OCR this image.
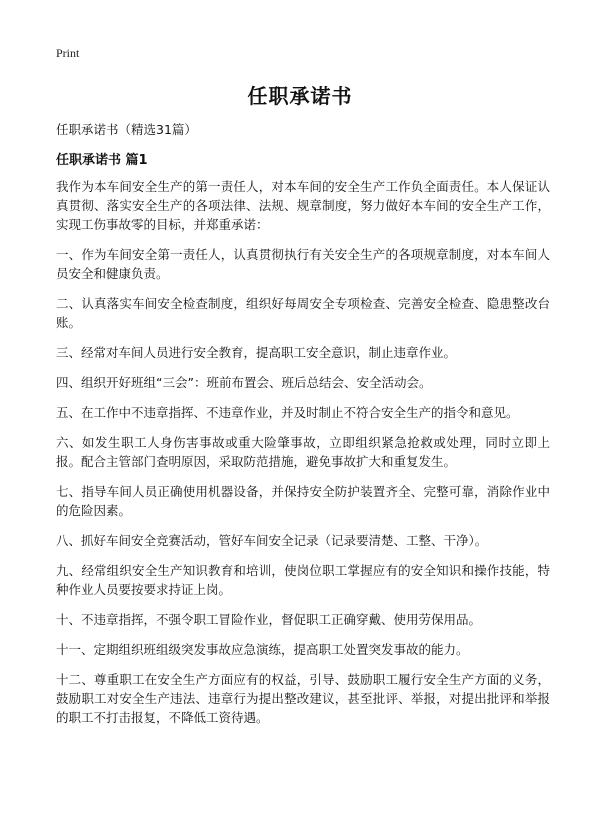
Print
任职承诺书
任职承诺书（精选31篇）
任职承诺书 篇1

我作为本车间安全生产的第一责任人，对本车间的安全生产工作负全面责任。本人保证认真贯彻、落实安全生产的各项法律、法规、规章制度，努力做好本车间的安全生产工作，实现工伤事故零的目标，并郑重承诺：

一、作为车间安全第一责任人，认真贯彻执行有关安全生产的各项规章制度，对本车间人员安全和健康负责。

二、认真落实车间安全检查制度，组织好每周安全专项检查、完善安全检查、隐患整改台账。

三、经常对车间人员进行安全教育，提高职工安全意识，制止违章作业。

四、组织开好班组“三会”：班前布置会、班后总结会、安全活动会。

五、在工作中不违章指挥、不违章作业，并及时制止不符合安全生产的指令和意见。

六、如发生职工人身伤害事故或重大险肇事故，立即组织紧急抢救或处理，同时立即上报。配合主管部门查明原因，采取防范措施，避免事故扩大和重复发生。

七、指导车间人员正确使用机器设备，并保持安全防护装置齐全、完整可靠，消除作业中的危险因素。

八、抓好车间安全竞赛活动，管好车间安全记录（记录要清楚、工整、干净）。

九、经常组织安全生产知识教育和培训，使岗位职工掌握应有的安全知识和操作技能，特种作业人员要按要求持证上岗。

十、不违章指挥，不强令职工冒险作业，督促职工正确穿戴、使用劳保用品。

十一、定期组织班组级突发事故应急演练，提高职工处置突发事故的能力。

十二、尊重职工在安全生产方面应有的权益，引导、鼓励职工履行安全生产方面的义务，鼓励职工对安全生产违法、违章行为提出整改建议，甚至批评、举报，对提出批评和举报的职工不打击报复，不降低工资待遇。
